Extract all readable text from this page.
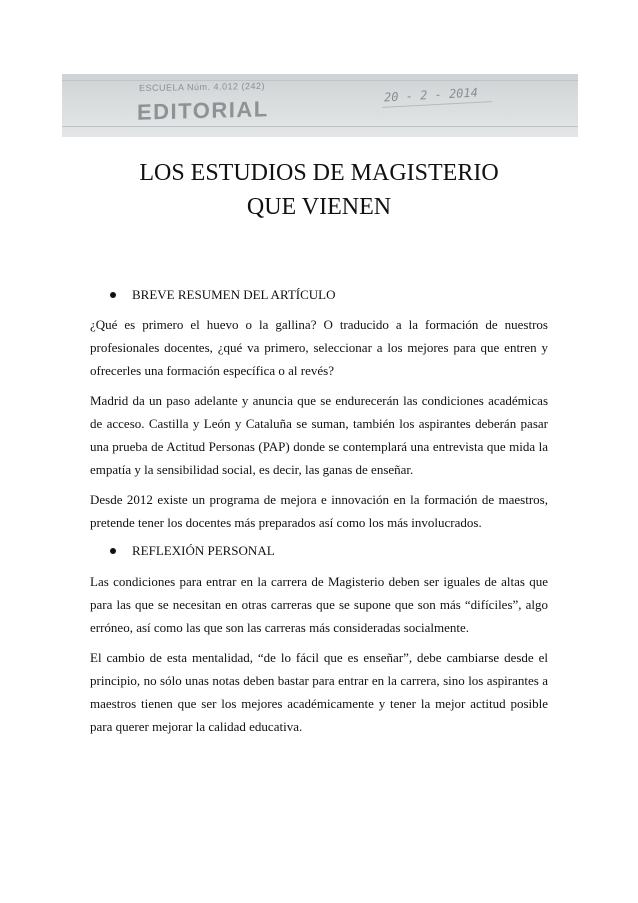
ESCUELA Núm. 4.012 (242)
EDITORIAL
20 - 2 - 2014
LOS ESTUDIOS DE MAGISTERIO
QUE VIENEN
BREVE RESUMEN DEL ARTÍCULO
¿Qué es primero el huevo o la gallina? O traducido a la formación de nuestros profesionales docentes, ¿qué va primero, seleccionar a los mejores para que entren y ofrecerles una formación específica o al revés?
Madrid da un paso adelante y anuncia que se endurecerán las condiciones académicas de acceso. Castilla y León y Cataluña se suman, también los aspirantes deberán pasar una prueba de Actitud Personas (PAP) donde se contemplará una entrevista que mida la empatía y la sensibilidad social, es decir, las ganas de enseñar.
Desde 2012 existe un programa de mejora e innovación en la formación de maestros, pretende tener los docentes más preparados así como los más involucrados.
REFLEXIÓN PERSONAL
Las condiciones para entrar en la carrera de Magisterio deben ser iguales de altas que para las que se necesitan en otras carreras que se supone que son más “difíciles”, algo erróneo, así como las que son las carreras más consideradas socialmente.
El cambio de esta mentalidad, “de lo fácil que es enseñar”, debe cambiarse desde el principio, no sólo unas notas deben bastar para entrar en la carrera, sino los aspirantes a maestros tienen que ser los mejores académicamente y tener la mejor actitud posible para querer mejorar la calidad educativa.
